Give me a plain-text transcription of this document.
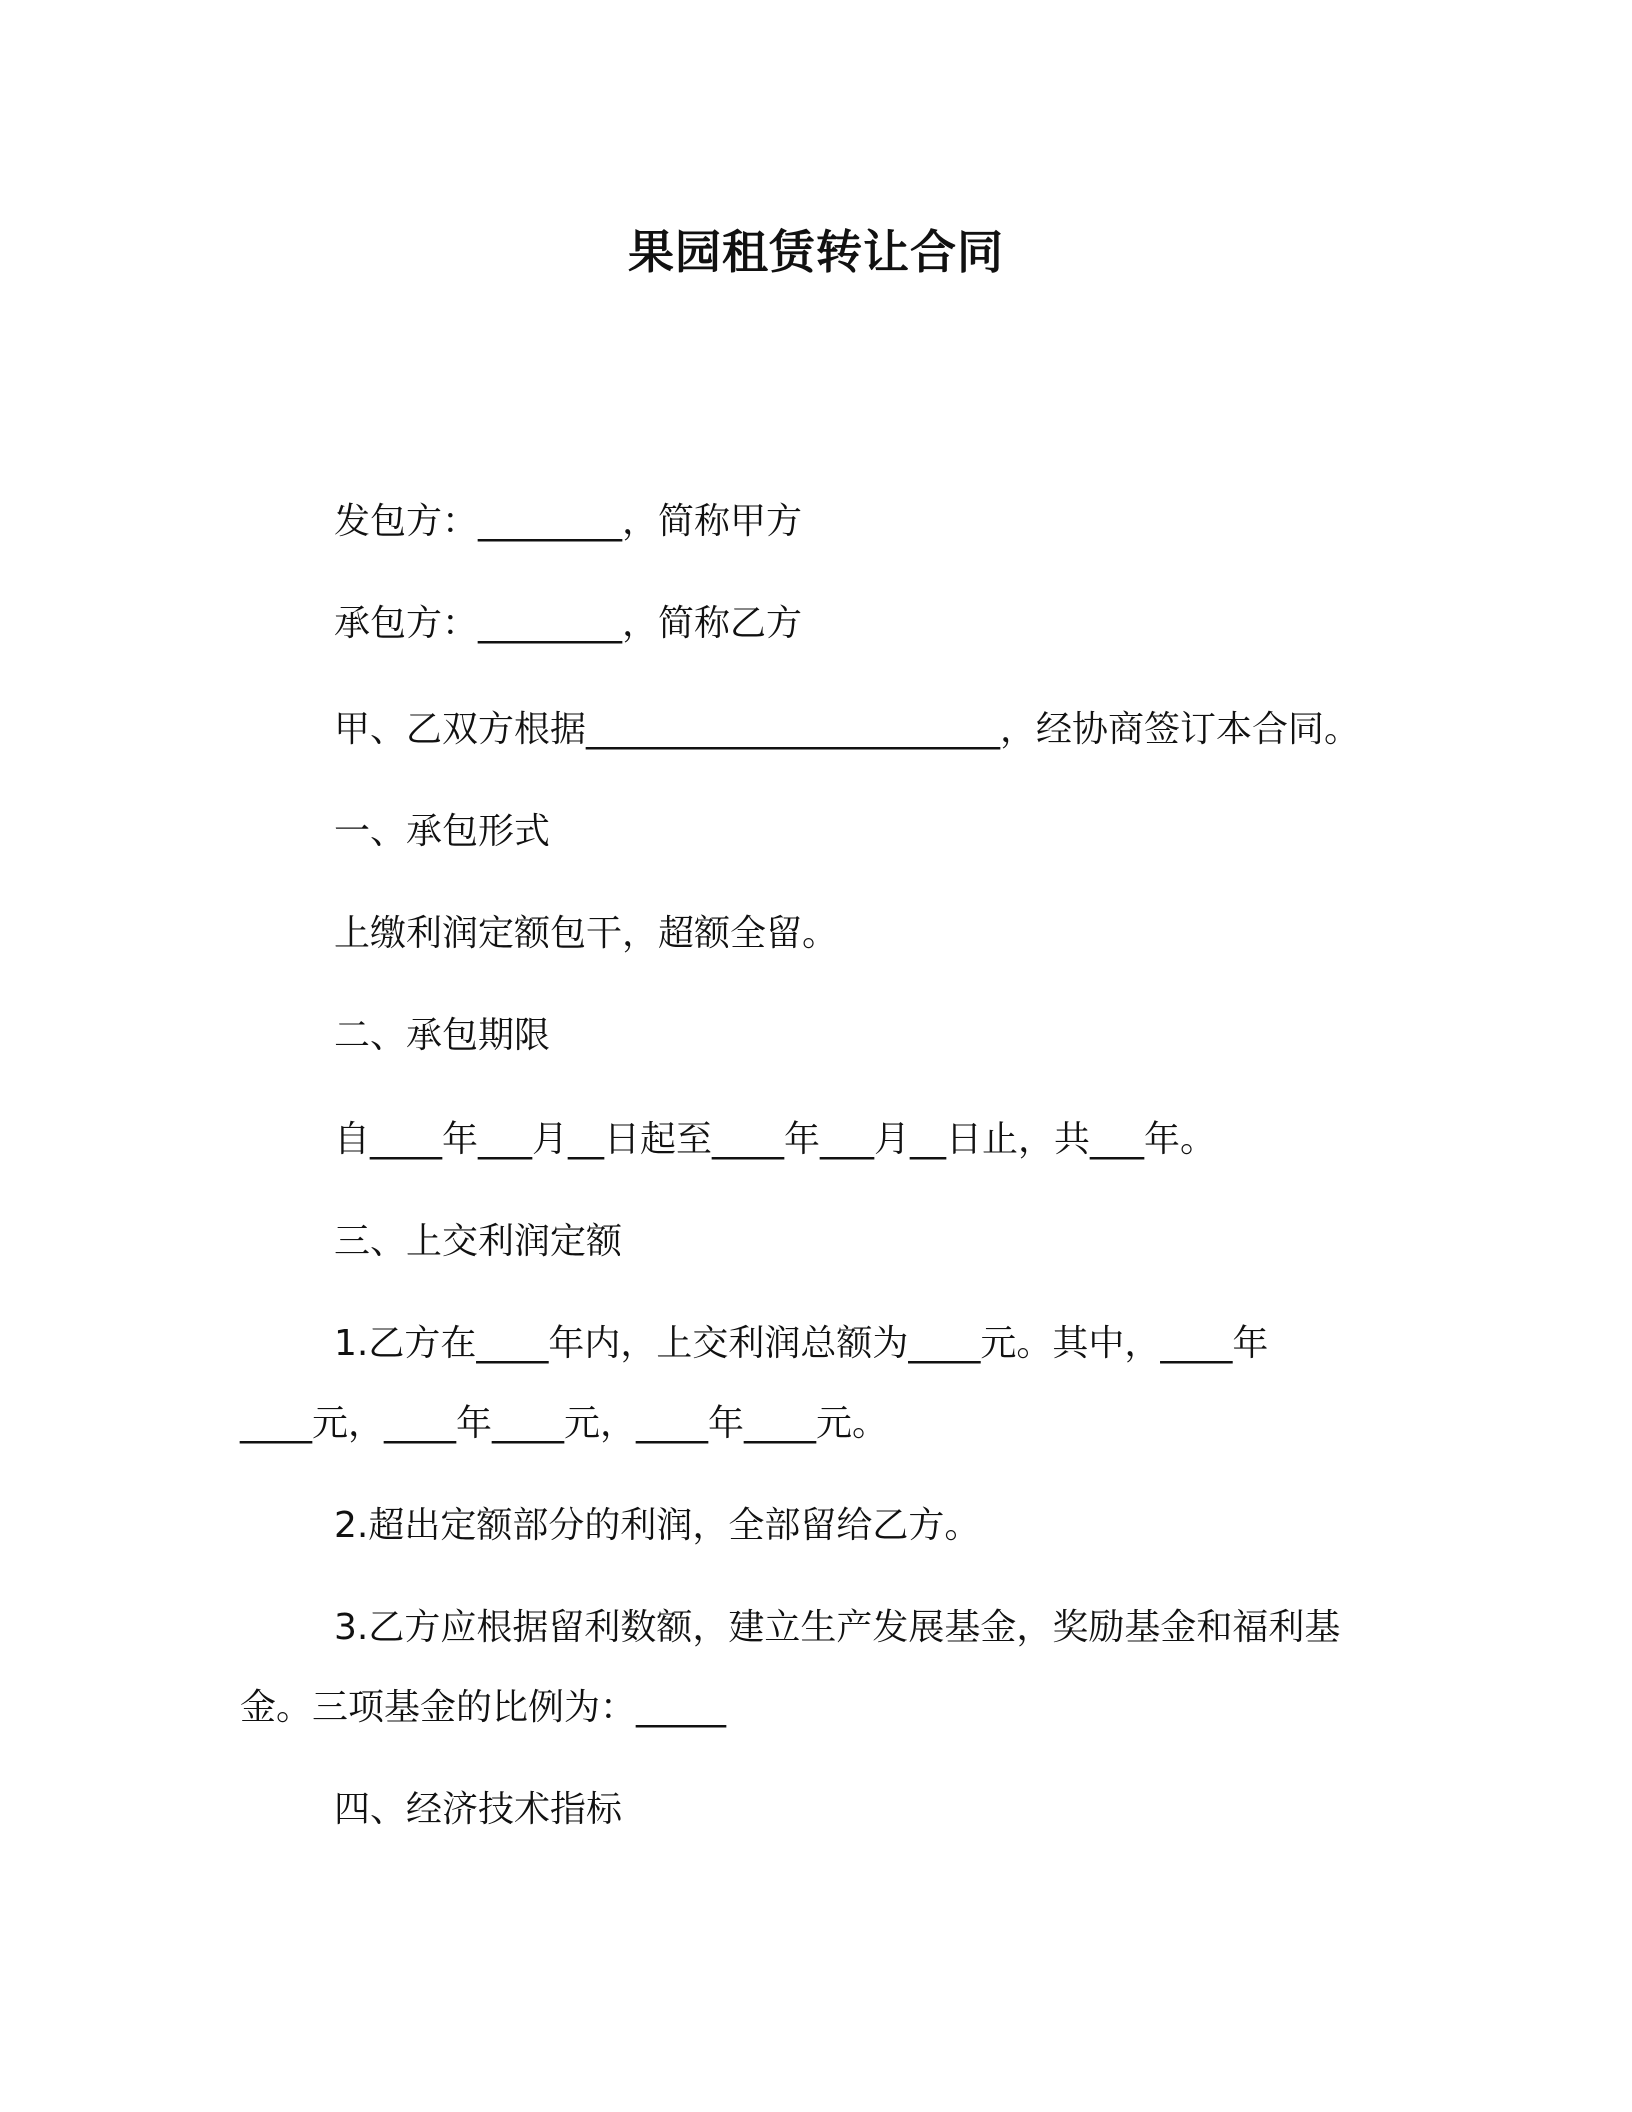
果园租赁转让合同
发包方：________，简称甲方
承包方：________，简称乙方
甲、乙双方根据_______________________，经协商签订本合同。
一、承包形式
上缴利润定额包干，超额全留。
二、承包期限
自____年___月__日起至____年___月__日止，共___年。
三、上交利润定额
1.乙方在____年内，上交利润总额为____元。其中，____年
____元，____年____元，____年____元。
2.超出定额部分的利润，全部留给乙方。
3.乙方应根据留利数额，建立生产发展基金，奖励基金和福利基
金。三项基金的比例为：_____
四、经济技术指标
